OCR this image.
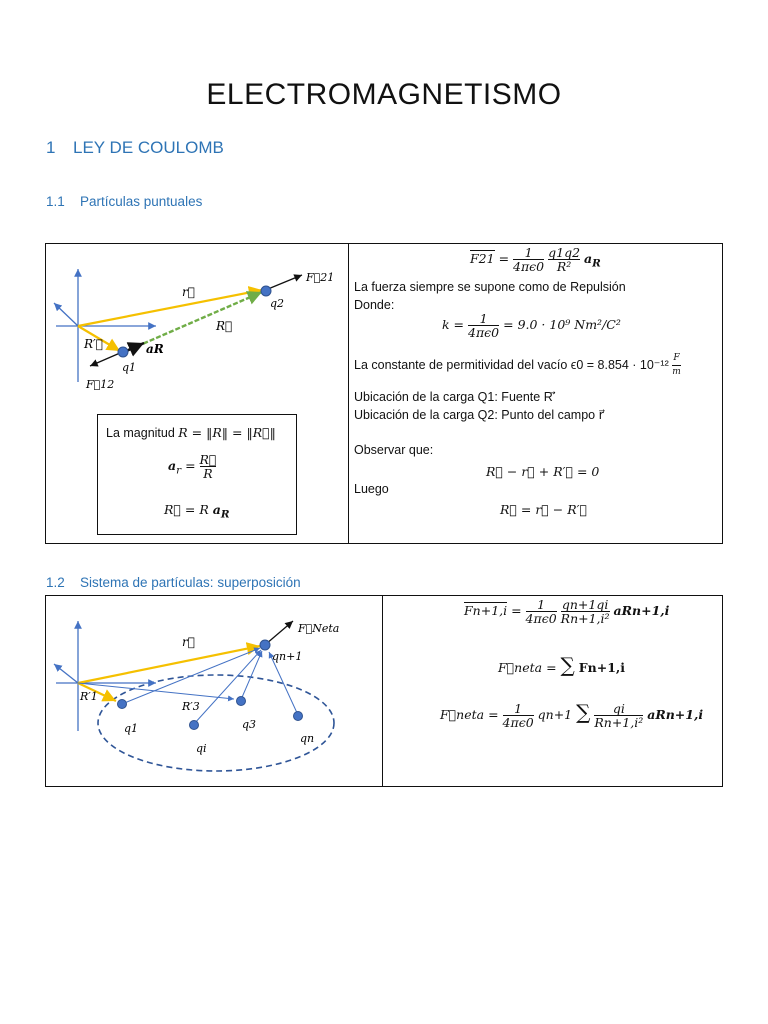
ELECTROMAGNETISMO
1 LEY DE COULOMB
1.1 Partículas puntuales
r⃗
R⃗
R′⃗	aR
q1
q2
F⃗21
F⃗12
La magnitud R = ‖R‖ = ‖R⃗‖
$a_r = \frac{R⃗}{R}$
R⃗ = R $a_R$
$F21 = \frac{1}{4\pi\epsilon 0}$
$\frac{q1q2}{\text{R²}} a_R$
La fuerza siempre se supone como de Repulsión
Donde:
$k = \frac{1}{4\pi\epsilon 0} = 9.0 \cdot 10^9$ Nm²/C²
La constante de permitividad del vacío $\epsilon 0 = 8.854 \cdot 10^{-12} \frac{F}{m}$
Ubicación de la carga Q1: Fuente R′⃗
Ubicación de la carga Q2: Punto del campo r⃗
Observar que:
R⃗ − r⃗ + R′⃗ = 0
Luego
R⃗ = r⃗ − R′⃗
1.2 Sistema de partículas: superposición
r⃗
F⃗Neta
qn+1
R′1
R′3
q1	q3
qi
qn
$Fn+1,i = \frac{1}{4\pi\epsilon 0}$
$\frac{qn+1qi}{\text{Rn+1,i²}} aRn+1,i$
F⃗neta = ∑ Fn+1,i
F⃗neta = $\frac{1}{4\pi\epsilon 0} qn+1$ ∑ $\frac{qi}{\text{Rn+1,i²}} aRn+1,i$
